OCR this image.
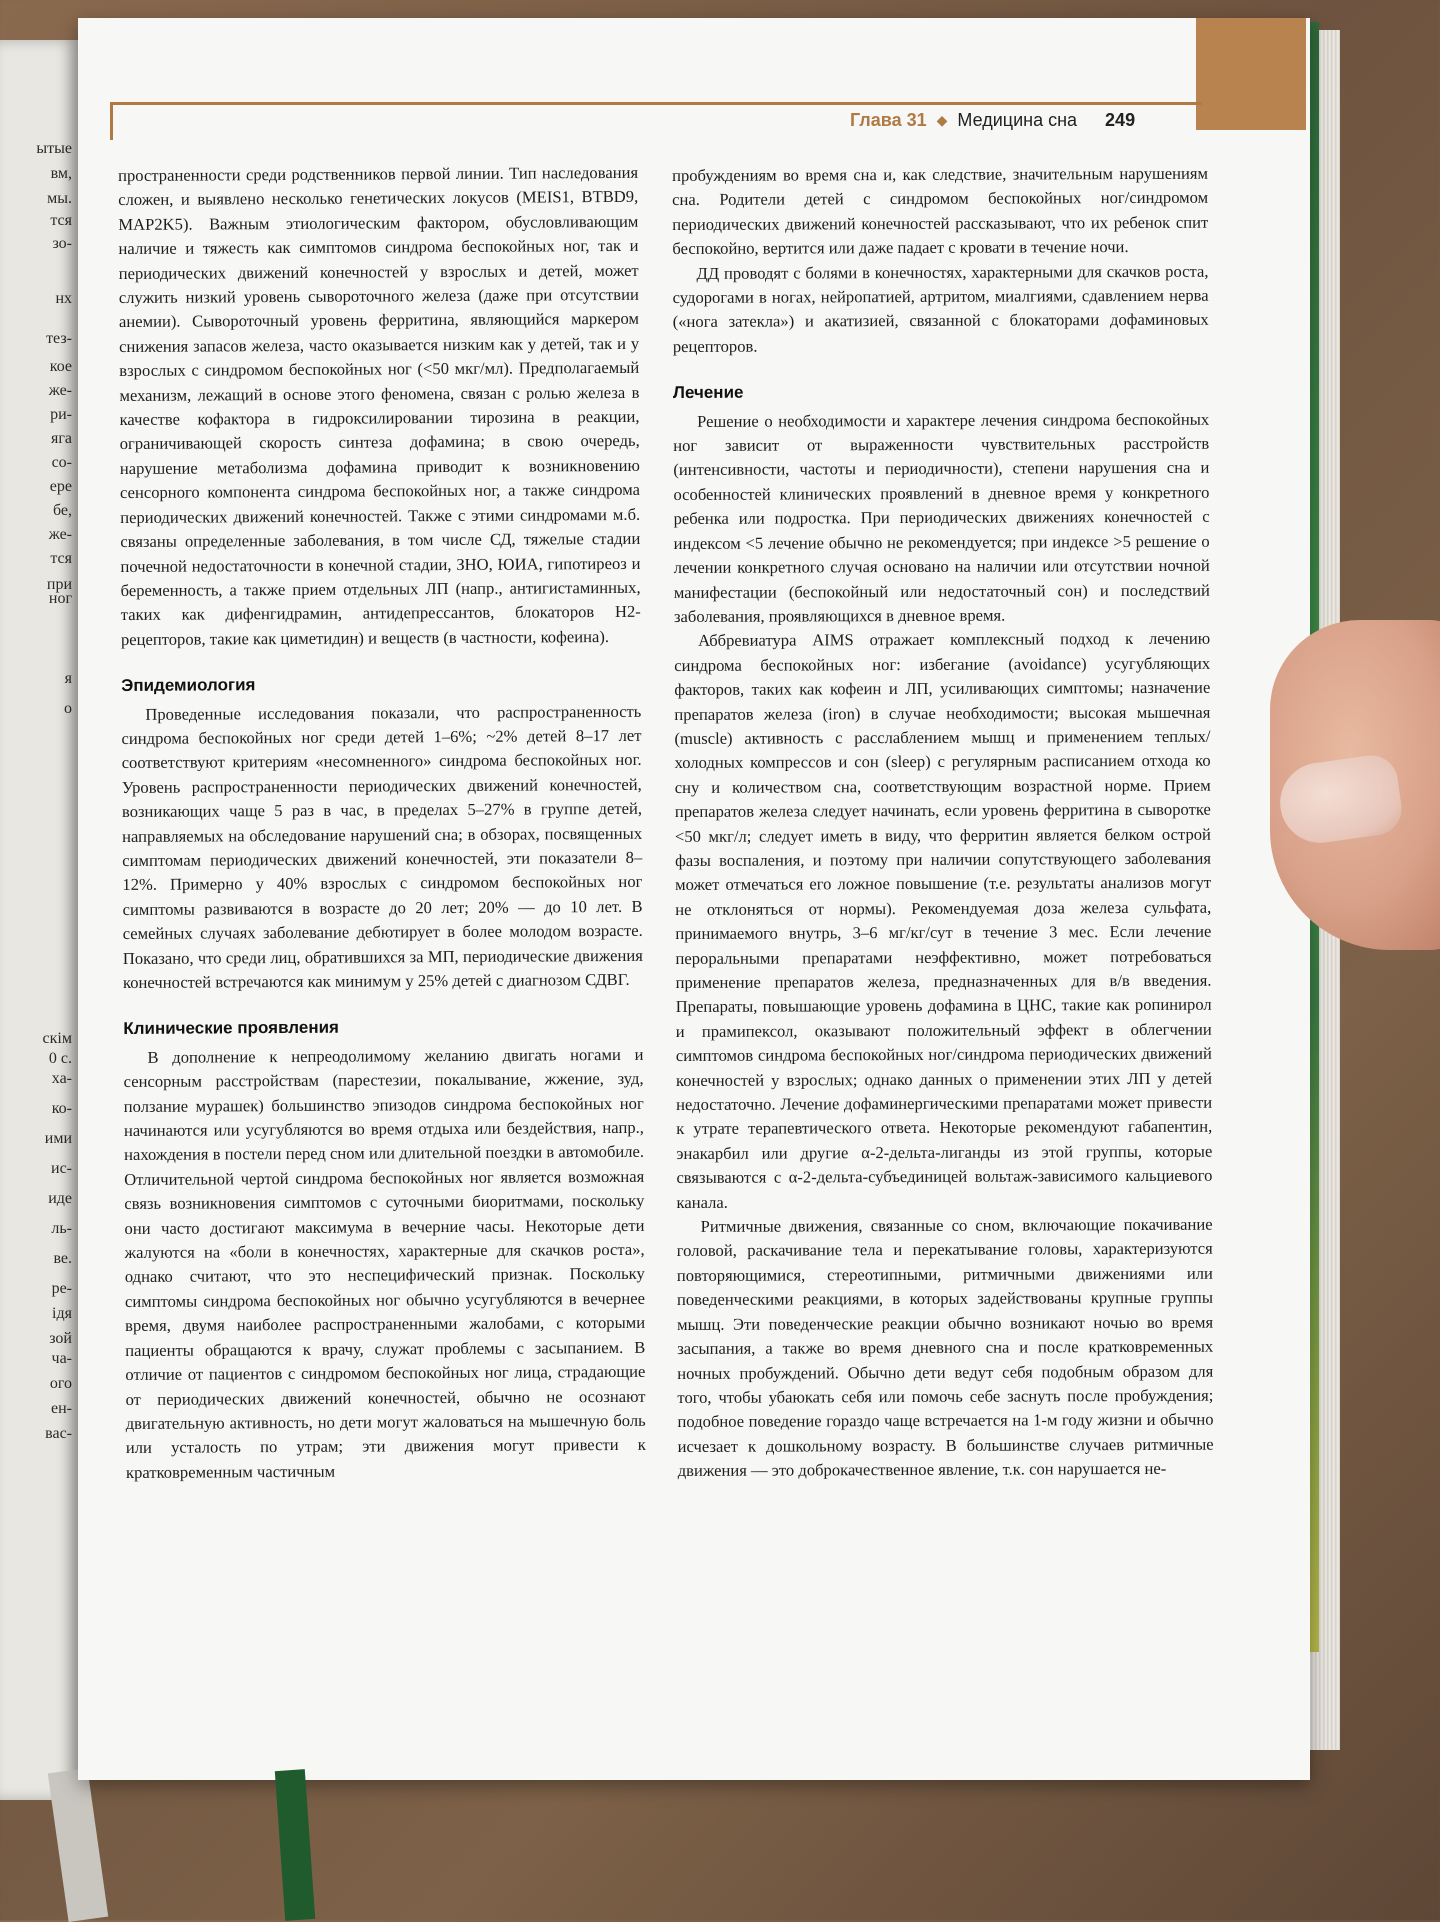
ытые
вм,
мы.
тся
зо-
нх
тез-
кое
же-
ри-
яга
со-
ере
бе,
же-
тся
при
ног
я
о
скім
0 с.
ха-
ко-
ими
ис-
иде
ль-
ве.
ре-
ідя
зой
ча-
ого
ен-
вас-
Глава 31 ◆ Медицина сна 249

пространенности среди родственников первой линии. Тип наследования сложен, и выявлено несколько генетических локусов (MEIS1, BTBD9, MAP2K5). Важным этиологическим фактором, обусловливающим наличие и тяжесть как симптомов синдрома беспокойных ног, так и периодических движений конечностей у взрослых и детей, может служить низкий уровень сывороточного железа (даже при отсутствии анемии). Сывороточный уровень ферритина, являющийся маркером снижения запасов железа, часто оказывается низким как у детей, так и у взрослых с синдромом беспокойных ног (<50 мкг/мл). Предполагаемый механизм, лежащий в основе этого феномена, связан с ролью железа в качестве кофактора в гидроксилировании тирозина в реакции, ограничивающей скорость синтеза дофамина; в свою очередь, нарушение метаболизма дофамина приводит к возникновению сенсорного компонента синдрома беспокойных ног, а также синдрома периодических движений конечностей. Также с этими синдромами м.б. связаны определенные заболевания, в том числе СД, тяжелые стадии почечной недостаточности в конечной стадии, ЗНО, ЮИА, гипотиреоз и беременность, а также прием отдельных ЛП (напр., антигистаминных, таких как дифенгидрамин, антидепрессантов, блокаторов H2-рецепторов, такие как циметидин) и веществ (в частности, кофеина).

Эпидемиология

Проведенные исследования показали, что распространенность синдрома беспокойных ног среди детей 1–6%; ~2% детей 8–17 лет соответствуют критериям «несомненного» синдрома беспокойных ног. Уровень распространенности периодических движений конечностей, возникающих чаще 5 раз в час, в пределах 5–27% в группе детей, направляемых на обследование нарушений сна; в обзорах, посвященных симптомам периодических движений конечностей, эти показатели 8–12%. Примерно у 40% взрослых с синдромом беспокойных ног симптомы развиваются в возрасте до 20 лет; 20% — до 10 лет. В семейных случаях заболевание дебютирует в более молодом возрасте. Показано, что среди лиц, обратившихся за МП, периодические движения конечностей встречаются как минимум у 25% детей с диагнозом СДВГ.

Клинические проявления

В дополнение к непреодолимому желанию двигать ногами и сенсорным расстройствам (парестезии, покалывание, жжение, зуд, ползание мурашек) большинство эпизодов синдрома беспокойных ног начинаются или усугубляются во время отдыха или бездействия, напр., нахождения в постели перед сном или длительной поездки в автомобиле. Отличительной чертой синдрома беспокойных ног является возможная связь возникновения симптомов с суточными биоритмами, поскольку они часто достигают максимума в вечерние часы. Некоторые дети жалуются на «боли в конечностях, характерные для скачков роста», однако считают, что это неспецифический признак. Поскольку симптомы синдрома беспокойных ног обычно усугубляются в вечернее время, двумя наиболее распространенными жалобами, с которыми пациенты обращаются к врачу, служат проблемы с засыпанием. В отличие от пациентов с синдромом беспокойных ног лица, страдающие от периодических движений конечностей, обычно не осознают двигательную активность, но дети могут жаловаться на мышечную боль или усталость по утрам; эти движения могут привести к кратковременным частичным

пробуждениям во время сна и, как следствие, значительным нарушениям сна. Родители детей с синдромом беспокойных ног/синдромом периодических движений конечностей рассказывают, что их ребенок спит беспокойно, вертится или даже падает с кровати в течение ночи.

ДД проводят с болями в конечностях, характерными для скачков роста, судорогами в ногах, нейропатией, артритом, миалгиями, сдавлением нерва («нога затекла») и акатизией, связанной с блокаторами дофаминовых рецепторов.

Лечение

Решение о необходимости и характере лечения синдрома беспокойных ног зависит от выраженности чувствительных расстройств (интенсивности, частоты и периодичности), степени нарушения сна и особенностей клинических проявлений в дневное время у конкретного ребенка или подростка. При периодических движениях конечностей с индексом <5 лечение обычно не рекомендуется; при индексе >5 решение о лечении конкретного случая основано на наличии или отсутствии ночной манифестации (беспокойный или недостаточный сон) и последствий заболевания, проявляющихся в дневное время.

Аббревиатура AIMS отражает комплексный подход к лечению синдрома беспокойных ног: избегание (avoidance) усугубляющих факторов, таких как кофеин и ЛП, усиливающих симптомы; назначение препаратов железа (iron) в случае необходимости; высокая мышечная (muscle) активность с расслаблением мышц и применением теплых/холодных компрессов и сон (sleep) с регулярным расписанием отхода ко сну и количеством сна, соответствующим возрастной норме. Прием препаратов железа следует начинать, если уровень ферритина в сыворотке <50 мкг/л; следует иметь в виду, что ферритин является белком острой фазы воспаления, и поэтому при наличии сопутствующего заболевания может отмечаться его ложное повышение (т.е. результаты анализов могут не отклоняться от нормы). Рекомендуемая доза железа сульфата, принимаемого внутрь, 3–6 мг/кг/сут в течение 3 мес. Если лечение пероральными препаратами неэффективно, может потребоваться применение препаратов железа, предназначенных для в/в введения. Препараты, повышающие уровень дофамина в ЦНС, такие как ропинирол и прамипексол, оказывают положительный эффект в облегчении симптомов синдрома беспокойных ног/синдрома периодических движений конечностей у взрослых; однако данных о применении этих ЛП у детей недостаточно. Лечение дофаминергическими препаратами может привести к утрате терапевтического ответа. Некоторые рекомендуют габапентин, энакарбил или другие α-2-дельта-лиганды из этой группы, которые связываются с α-2-дельта-субъединицей вольтаж-зависимого кальциевого канала.

Ритмичные движения, связанные со сном, включающие покачивание головой, раскачивание тела и перекатывание головы, характеризуются повторяющимися, стереотипными, ритмичными движениями или поведенческими реакциями, в которых задействованы крупные группы мышц. Эти поведенческие реакции обычно возникают ночью во время засыпания, а также во время дневного сна и после кратковременных ночных пробуждений. Обычно дети ведут себя подобным образом для того, чтобы убаюкать себя или помочь себе заснуть после пробуждения; подобное поведение гораздо чаще встречается на 1-м году жизни и обычно исчезает к дошкольному возрасту. В большинстве случаев ритмичные движения — это доброкачественное явление, т.к. сон нарушается не-
